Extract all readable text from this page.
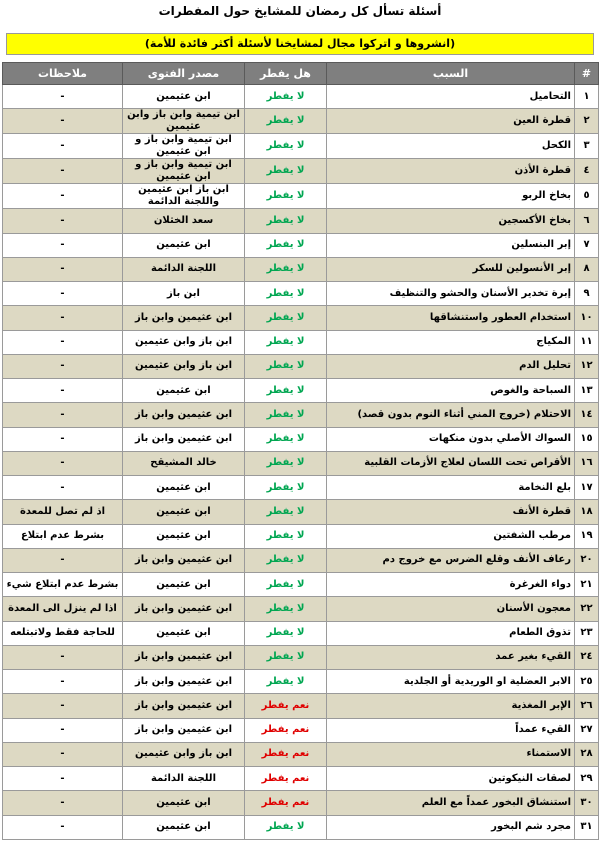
أسئلة تسأل كل رمضان للمشايخ حول المفطرات
(انشروها و اتركوا مجال لمشايخنا لأسئلة أكثر فائدة للأمة)
#	السبب	هل يفطر	مصدر الفتوى	ملاحظات
١	التحاميل	لا يفطر	ابن عثيمين	-
٢	قطرة العين	لا يفطر	ابن تيمية وابن باز وابن عثيمين	-
٣	الكحل	لا يفطر	ابن تيمية وابن باز و ابن عثيمين	-
٤	قطرة الأذن	لا يفطر	ابن تيمية وابن باز و ابن عثيمين	-
٥	بخاخ الربو	لا يفطر	ابن باز ابن عثيمين واللجنة الدائمة	-
٦	بخاخ الأكسجين	لا يفطر	سعد الخثلان	-
٧	إبر البنسلين	لا يفطر	ابن عثيمين	-
٨	إبر الأنسولين للسكر	لا يفطر	اللجنة الدائمة	-
٩	إبرة تخدير الأسنان والحشو والتنظيف	لا يفطر	ابن باز	-
١٠	استخدام العطور واستنشاقها	لا يفطر	ابن عثيمين وابن باز	-
١١	المكياج	لا يفطر	ابن باز وابن عثيمين	-
١٢	تحليل الدم	لا يفطر	ابن باز وابن عثيمين	-
١٣	السباحة والغوص	لا يفطر	ابن عثيمين	-
١٤	الاحتلام (خروج المني أثناء النوم بدون قصد)	لا يفطر	ابن عثيمين وابن باز	-
١٥	السواك الأصلي بدون منكهات	لا يفطر	ابن عثيمين وابن باز	-
١٦	الأقراص تحت اللسان لعلاج الأزمات القلبية	لا يفطر	خالد المشيقح	-
١٧	بلع النخامة	لا يفطر	ابن عثيمين	-
١٨	قطرة الأنف	لا يفطر	ابن عثيمين	اذ لم تصل للمعدة
١٩	مرطب الشفتين	لا يفطر	ابن عثيمين	بشرط عدم ابتلاع
٢٠	رعاف الأنف وقلع الضرس مع خروج دم	لا يفطر	ابن عثيمين وابن باز	-
٢١	دواء الغرغرة	لا يفطر	ابن عثيمين	بشرط عدم ابتلاع شيء
٢٢	معجون الأسنان	لا يفطر	ابن عثيمين وابن باز	اذا لم ينزل الى المعدة
٢٣	تذوق الطعام	لا يفطر	ابن عثيمين	للحاجة فقط ولاتبتلعه
٢٤	القيء بغير عمد	لا يفطر	ابن عثيمين وابن باز	-
٢٥	الابر العضلية او الوريدية أو الجلدية	لا يفطر	ابن عثيمين وابن باز	-
٢٦	الإبر المغذية	نعم يفطر	ابن عثيمين وابن باز	-
٢٧	القيء عمداً	نعم يفطر	ابن عثيمين وابن باز	-
٢٨	الاستمناء	نعم يفطر	ابن باز وابن عثيمين	-
٢٩	لصقات النيكوتين	نعم يفطر	اللجنة الدائمة	-
٣٠	استنشاق البخور عمداً مع العلم	نعم يفطر	ابن عثيمين	-
٣١	مجرد شم البخور	لا يفطر	ابن عثيمين	-
